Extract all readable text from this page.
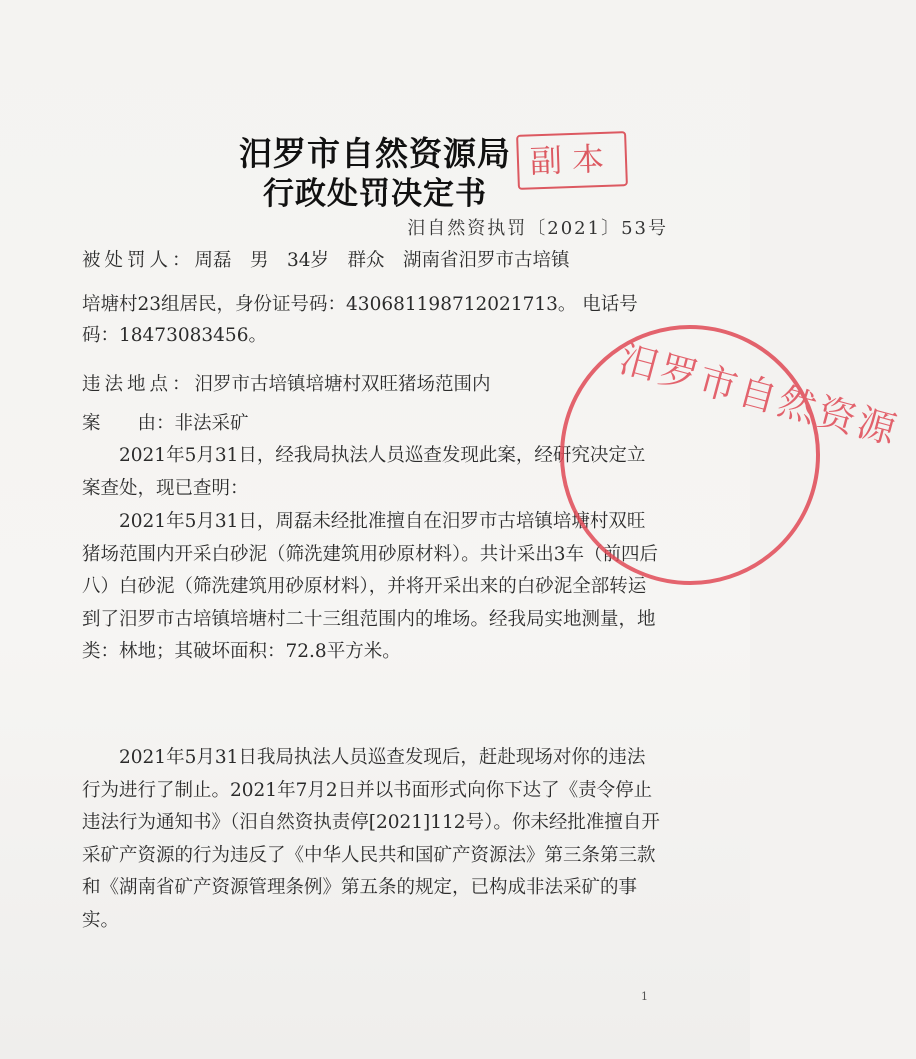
汨罗市自然资源局
行政处罚决定书
副本
汨自然资执罚〔2021〕53号
被处罚人：周磊　男　34岁　群众　湖南省汨罗市古培镇
培塘村23组居民，身份证号码：430681198712021713。 电话号
码：18473083456。
违法地点：汨罗市古培镇培塘村双旺猪场范围内
案　　由：非法采矿
2021年5月31日，经我局执法人员巡查发现此案，经研究决定立案查处，现已查明：
2021年5月31日，周磊未经批准擅自在汨罗市古培镇培塘村双旺猪场范围内开采白砂泥（筛洗建筑用砂原材料）。共计采出3车（前四后八）白砂泥（筛洗建筑用砂原材料），并将开采出来的白砂泥全部转运到了汨罗市古培镇培塘村二十三组范围内的堆场。经我局实地测量，地类：林地；其破坏面积：72.8平方米。
2021年5月31日我局执法人员巡查发现后，赶赴现场对你的违法行为进行了制止。2021年7月2日并以书面形式向你下达了《责令停止违法行为通知书》（汨自然资执责停[2021]112号）。你未经批准擅自开采矿产资源的行为违反了《中华人民共和国矿产资源法》第三条第三款和《湖南省矿产资源管理条例》第五条的规定，已构成非法采矿的事实。
汨罗市自然资源
1
